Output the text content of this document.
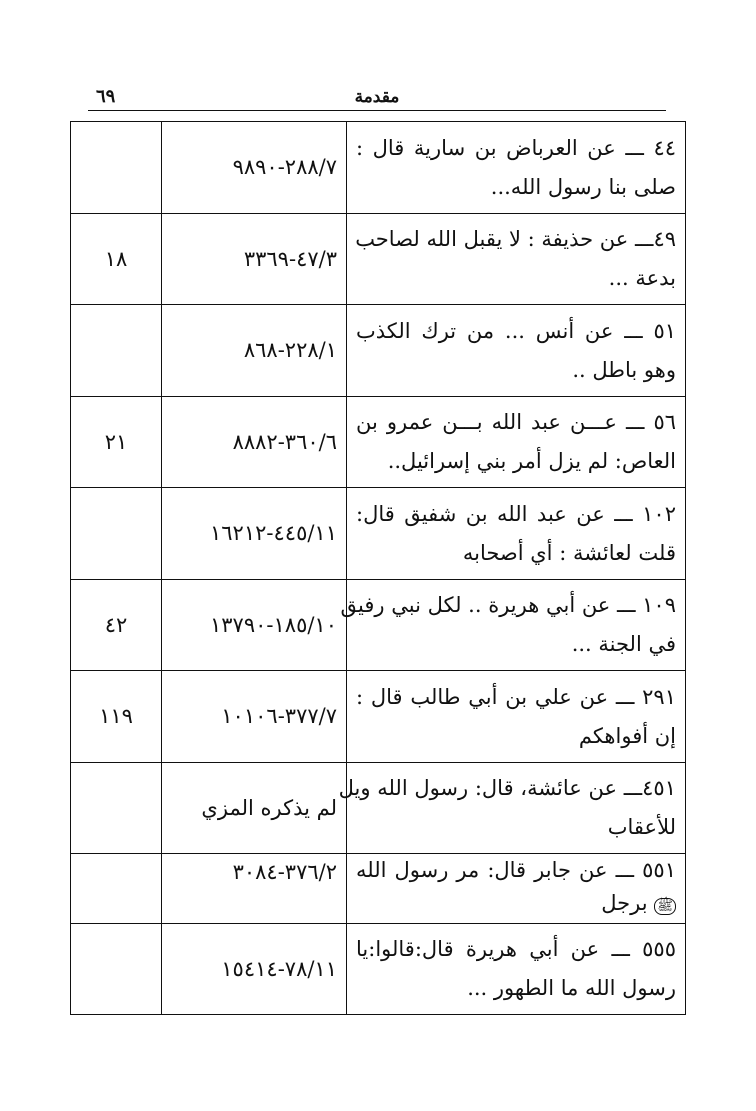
مقدمة
٦٩
	٢٨٨/٧-٩٨٩٠	٤٤ ـــ عن العرباض بن سارية قال :
صلى بنا رسول الله...

١٨	٤٧/٣-٣٣٦٩	٤٩ـــ عن حذيفة : لا يقبل الله لصاحب
بدعة ...

	٢٢٨/١-٨٦٨	٥١ ـــ عن أنس ... من ترك الكذب
وهو باطل ..

٢١	٣٦٠/٦-٨٨٨٢	٥٦ ـــ عـــن عبد الله بـــن عمرو بن
العاص: لم يزل أمر بني إسرائيل..

	٤٤٥/١١-١٦٢١٢	١٠٢ ـــ عن عبد الله بن شفيق قال:
قلت لعائشة : أي أصحابه

٤٢	١٨٥/١٠-١٣٧٩٠	١٠٩ ـــ عن أبي هريرة .. لكل نبي رفيق
في الجنة ...

١١٩	٣٧٧/٧-١٠١٠٦	٢٩١ ـــ عن علي بن أبي طالب قال :
إن أفواهكم

	لم يذكره المزي	٤٥١ـــ عن عائشة، قال: رسول الله ويل
للأعقاب

	٣٧٦/٢-٣٠٨٤	٥٥١ ـــ عن جابر قال: مر رسول الله
ﷺ برجل

	٧٨/١١-١٥٤١٤	٥٥٥ ـــ عن أبي هريرة قال:قالوا:يا
رسول الله ما الطهور ...
